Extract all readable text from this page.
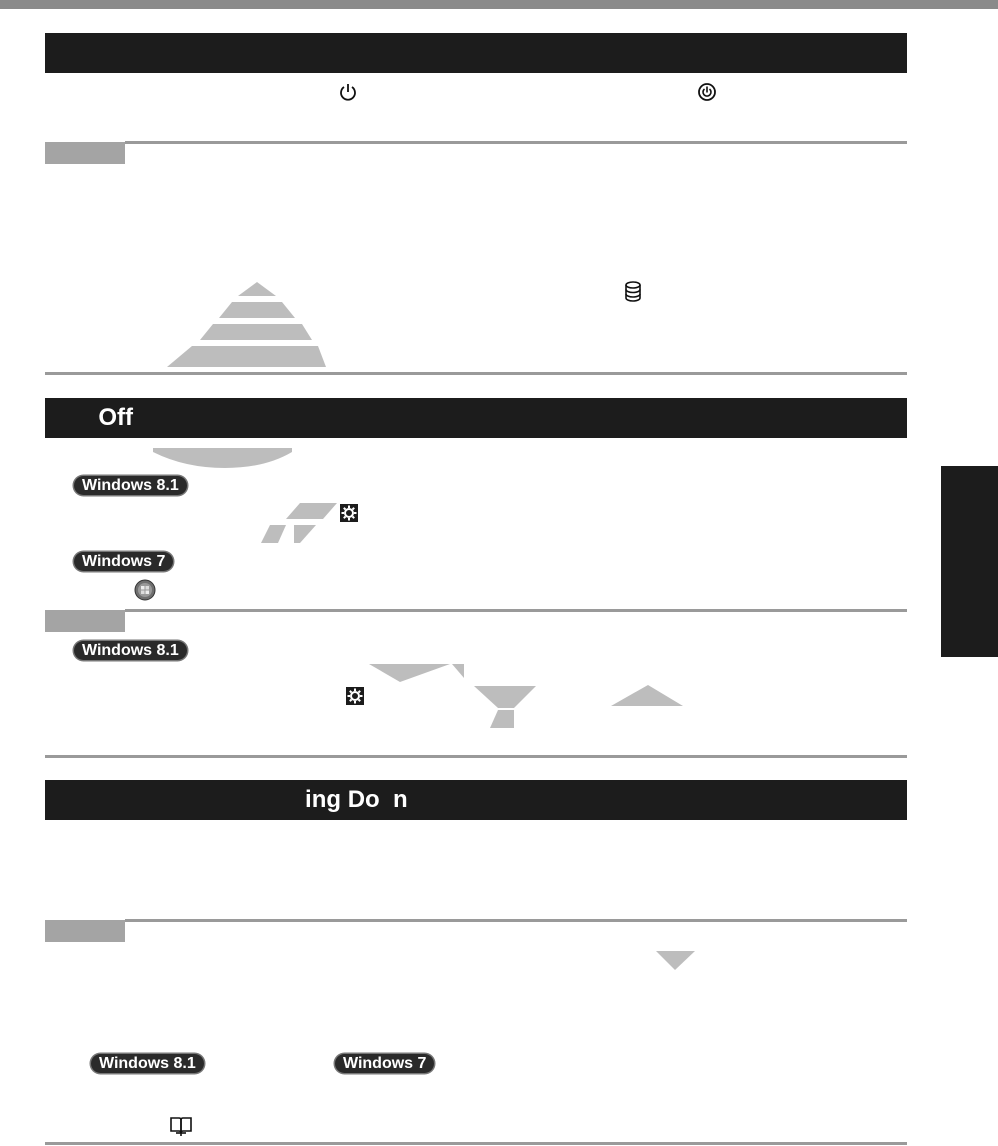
Off
Windows 8.1
Windows 7
Windows 8.1
ing Do  n
Windows 8.1	Windows 7
